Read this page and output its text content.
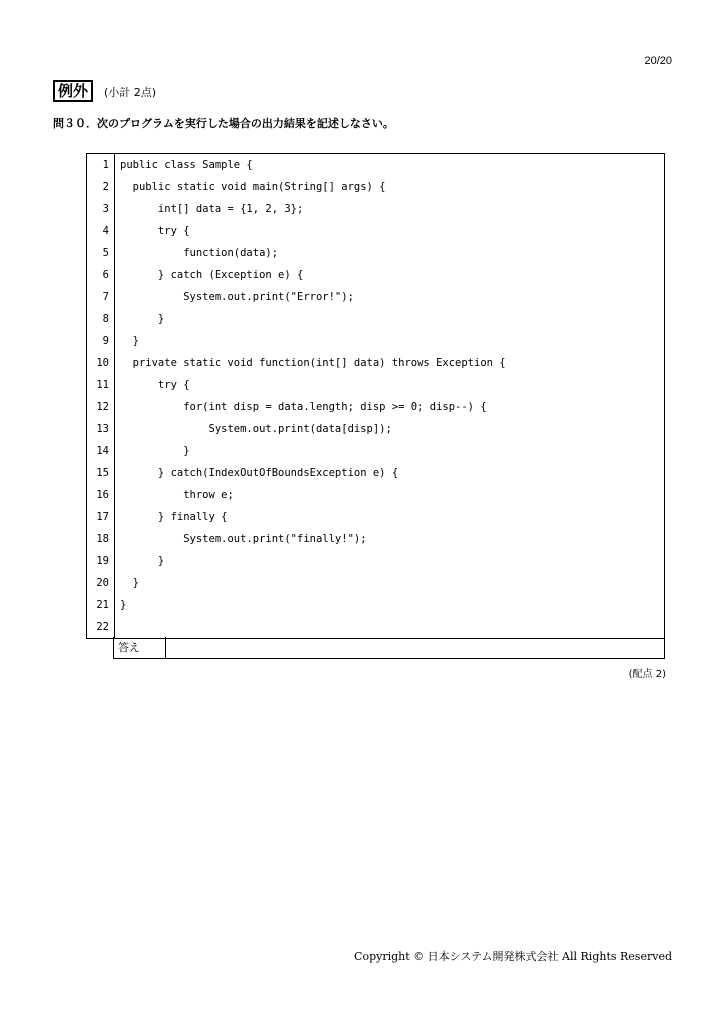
20/20
例外	(小計 2点)
問３０．次のプログラムを実行した場合の出力結果を記述しなさい。
1	public class Sample {
2	public static void main(String[] args) {
3	int[] data = {1, 2, 3};
4	try {
5	function(data);
6	} catch (Exception e) {
7	System.out.print("Error!");
8	}
9	}
10	private static void function(int[] data) throws Exception {
11	try {
12	for(int disp = data.length; disp >= 0; disp--) {
13	System.out.print(data[disp]);
14	}
15	} catch(IndexOutOfBoundsException e) {
16	throw e;
17	} finally {
18	System.out.print("finally!");
19	}
20	}
21	}
22	
答え
(配点 2)
Copyright © 日本システム開発株式会社 All Rights Reserved
